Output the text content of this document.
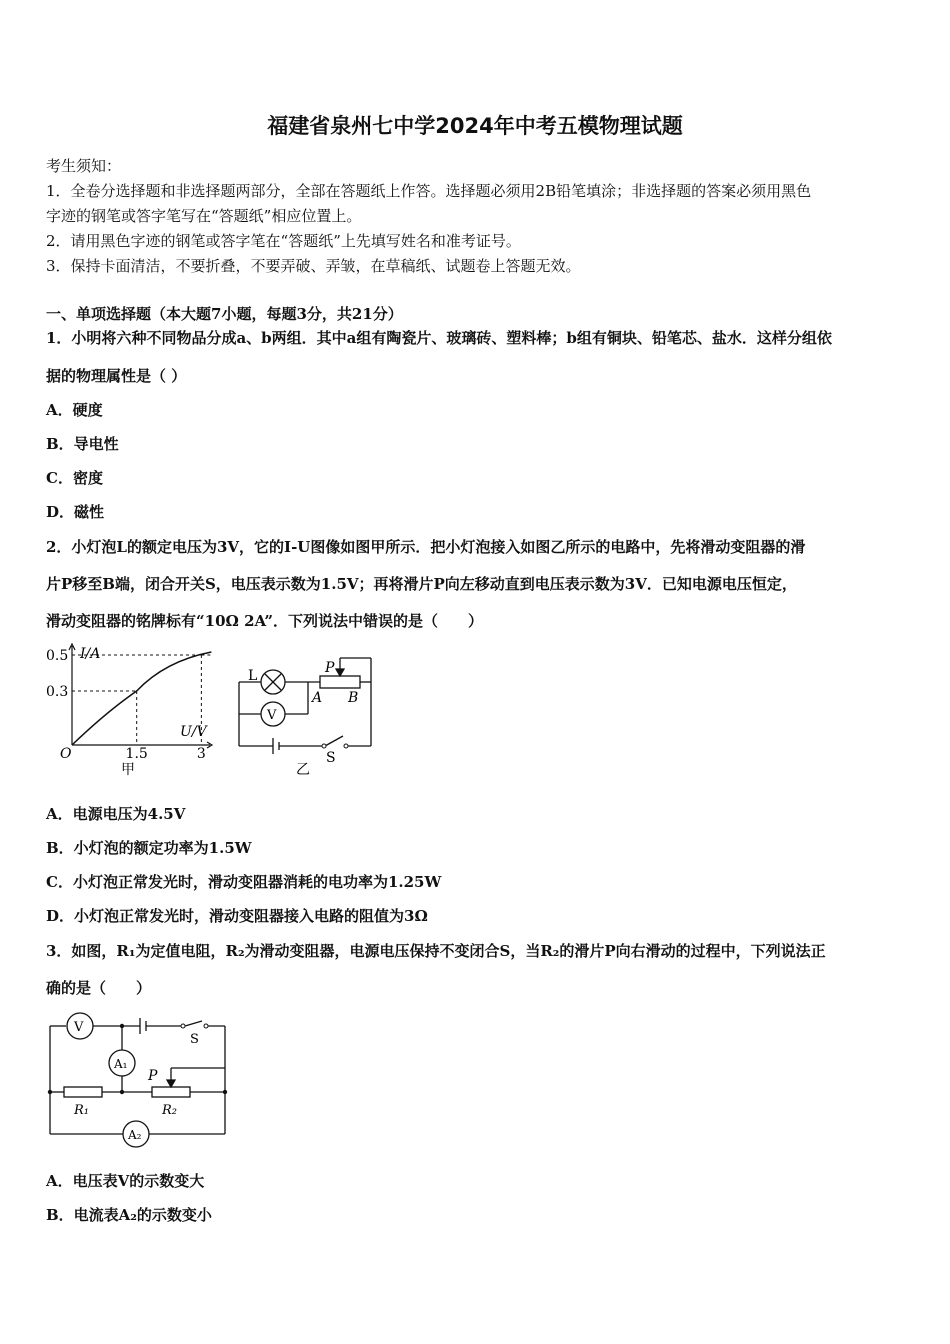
福建省泉州七中学2024年中考五模物理试题
考生须知：
1．全卷分选择题和非选择题两部分，全部在答题纸上作答。选择题必须用2B铅笔填涂；非选择题的答案必须用黑色
字迹的钢笔或答字笔写在“答题纸”相应位置上。
2．请用黑色字迹的钢笔或答字笔在“答题纸”上先填写姓名和准考证号。
3．保持卡面清洁，不要折叠，不要弄破、弄皱，在草稿纸、试题卷上答题无效。
一、单项选择题（本大题7小题，每题3分，共21分）
1．小明将六种不同物品分成a、b两组．其中a组有陶瓷片、玻璃砖、塑料棒；b组有铜块、铅笔芯、盐水．这样分组依
据的物理属性是（ ）
A．硬度
B．导电性
C．密度
D．磁性
2．小灯泡L的额定电压为3V，它的I-U图像如图甲所示．把小灯泡接入如图乙所示的电路中，先将滑动变阻器的滑
片P移至B端，闭合开关S，电压表示数为1.5V；再将滑片P向左移动直到电压表示数为3V．已知电源电压恒定，
滑动变阻器的铭牌标有“10Ω 2A”．下列说法中错误的是（　　）
I/A
U/V
O
0.5
0.3
1.5	3
甲
L
V
P
A B
S
乙
A．电源电压为4.5V
B．小灯泡的额定功率为1.5W
C．小灯泡正常发光时，滑动变阻器消耗的电功率为1.25W
D．小灯泡正常发光时，滑动变阻器接入电路的阻值为3Ω
3．如图，R₁为定值电阻，R₂为滑动变阻器，电源电压保持不变闭合S，当R₂的滑片P向右滑动的过程中，下列说法正
确的是（　　）
V
A₁
A₂
R₁	R₂
P
S
A．电压表V的示数变大
B．电流表A₂的示数变小
